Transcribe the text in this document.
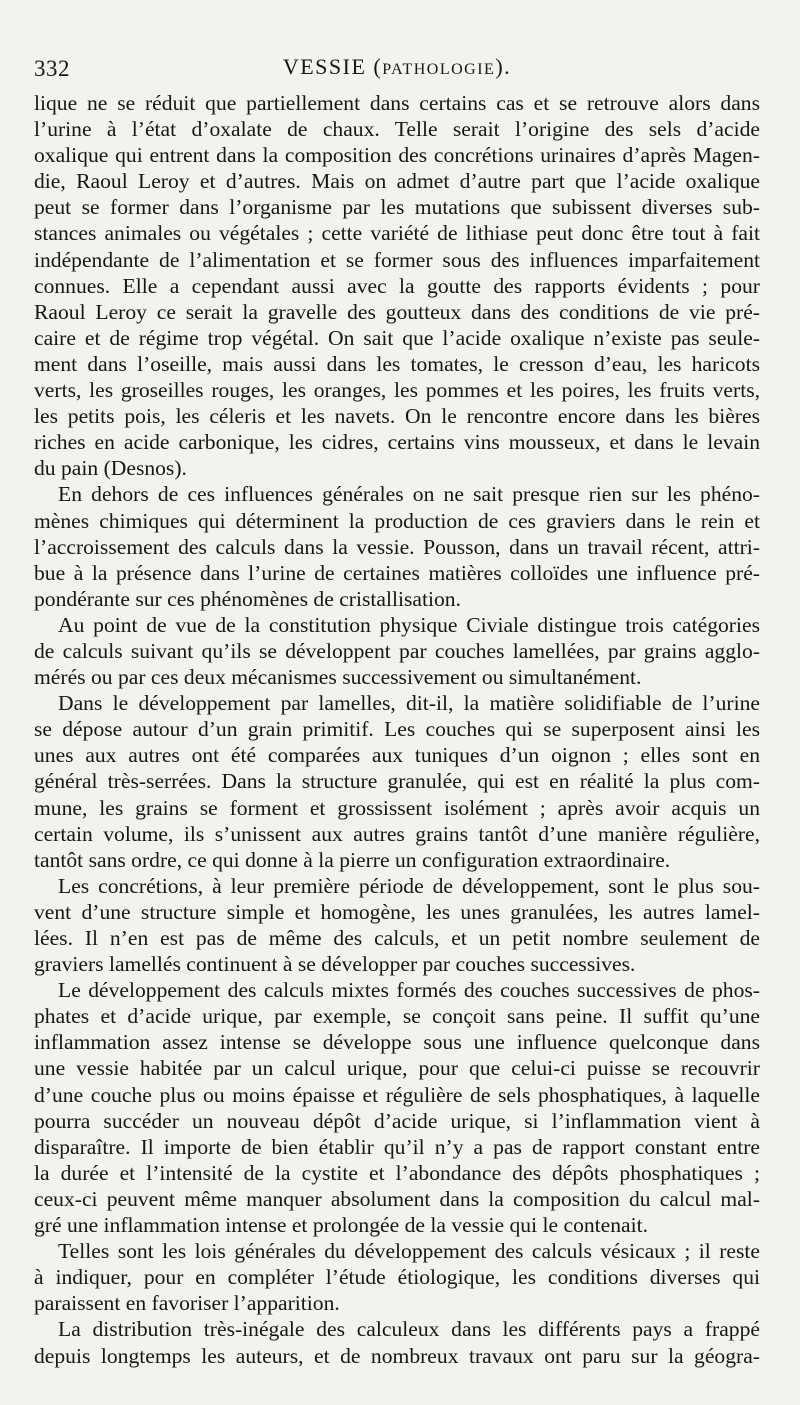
332	VESSIE (PATHOLOGIE).
lique ne se réduit que partiellement dans certains cas et se retrouve alors dans
l’urine à l’état d’oxalate de chaux. Telle serait l’origine des sels d’acide
oxalique qui entrent dans la composition des concrétions urinaires d’après Magen-
die, Raoul Leroy et d’autres. Mais on admet d’autre part que l’acide oxalique
peut se former dans l’organisme par les mutations que subissent diverses sub-
stances animales ou végétales ; cette variété de lithiase peut donc être tout à fait
indépendante de l’alimentation et se former sous des influences imparfaitement
connues. Elle a cependant aussi avec la goutte des rapports évidents ; pour
Raoul Leroy ce serait la gravelle des goutteux dans des conditions de vie pré-
caire et de régime trop végétal. On sait que l’acide oxalique n’existe pas seule-
ment dans l’oseille, mais aussi dans les tomates, le cresson d’eau, les haricots
verts, les groseilles rouges, les oranges, les pommes et les poires, les fruits verts,
les petits pois, les céleris et les navets. On le rencontre encore dans les bières
riches en acide carbonique, les cidres, certains vins mousseux, et dans le levain
du pain (Desnos).
En dehors de ces influences générales on ne sait presque rien sur les phéno-
mènes chimiques qui déterminent la production de ces graviers dans le rein et
l’accroissement des calculs dans la vessie. Pousson, dans un travail récent, attri-
bue à la présence dans l’urine de certaines matières colloïdes une influence pré-
pondérante sur ces phénomènes de cristallisation.
Au point de vue de la constitution physique Civiale distingue trois catégories
de calculs suivant qu’ils se développent par couches lamellées, par grains agglo-
mérés ou par ces deux mécanismes successivement ou simultanément.
Dans le développement par lamelles, dit-il, la matière solidifiable de l’urine
se dépose autour d’un grain primitif. Les couches qui se superposent ainsi les
unes aux autres ont été comparées aux tuniques d’un oignon ; elles sont en
général très-serrées. Dans la structure granulée, qui est en réalité la plus com-
mune, les grains se forment et grossissent isolément ; après avoir acquis un
certain volume, ils s’unissent aux autres grains tantôt d’une manière régulière,
tantôt sans ordre, ce qui donne à la pierre un configuration extraordinaire.
Les concrétions, à leur première période de développement, sont le plus sou-
vent d’une structure simple et homogène, les unes granulées, les autres lamel-
lées. Il n’en est pas de même des calculs, et un petit nombre seulement de
graviers lamellés continuent à se développer par couches successives.
Le développement des calculs mixtes formés des couches successives de phos-
phates et d’acide urique, par exemple, se conçoit sans peine. Il suffit qu’une
inflammation assez intense se développe sous une influence quelconque dans
une vessie habitée par un calcul urique, pour que celui-ci puisse se recouvrir
d’une couche plus ou moins épaisse et régulière de sels phosphatiques, à laquelle
pourra succéder un nouveau dépôt d’acide urique, si l’inflammation vient à
disparaître. Il importe de bien établir qu’il n’y a pas de rapport constant entre
la durée et l’intensité de la cystite et l’abondance des dépôts phosphatiques ;
ceux-ci peuvent même manquer absolument dans la composition du calcul mal-
gré une inflammation intense et prolongée de la vessie qui le contenait.
Telles sont les lois générales du développement des calculs vésicaux ; il reste
à indiquer, pour en compléter l’étude étiologique, les conditions diverses qui
paraissent en favoriser l’apparition.
La distribution très-inégale des calculeux dans les différents pays a frappé
depuis longtemps les auteurs, et de nombreux travaux ont paru sur la géogra-
